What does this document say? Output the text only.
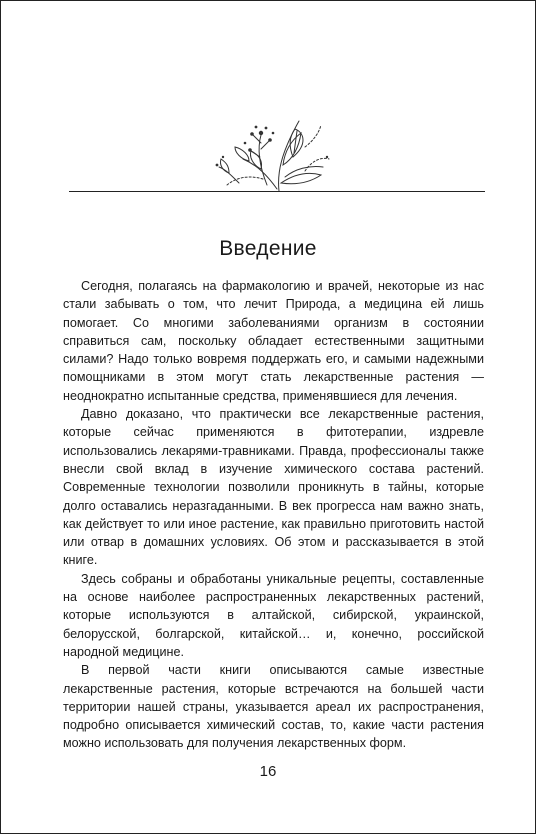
Введение

Сегодня, полагаясь на фармакологию и врачей, некоторые из нас стали забывать о том, что лечит Природа, а медицина ей лишь помогает. Со многими заболеваниями организм в состоянии справиться сам, поскольку обладает естественными защитными силами? Надо только вовремя поддержать его, и самыми надежными помощниками в этом могут стать лекарственные растения — неоднократно испытанные средства, применявшиеся для лечения.

Давно доказано, что практически все лекарственные растения, которые сейчас применяются в фитотерапии, издревле использовались лекарями-травниками. Правда, профессионалы также внесли свой вклад в изучение химического состава растений. Современные технологии позволили проникнуть в тайны, которые долго оставались неразгаданными. В век прогресса нам важно знать, как действует то или иное растение, как правильно приготовить настой или отвар в домашних условиях. Об этом и рассказывается в этой книге.

Здесь собраны и обработаны уникальные рецепты, составленные на основе наиболее распространенных лекарственных растений, которые используются в алтайской, сибирской, украинской, белорусской, болгарской, китайской… и, конечно, российской народной медицине.

В первой части книги описываются самые известные лекарственные растения, которые встречаются на большей части территории нашей страны, указывается ареал их распространения, подробно описывается химический состав, то, какие части растения можно использовать для получения лекарственных форм.

16
